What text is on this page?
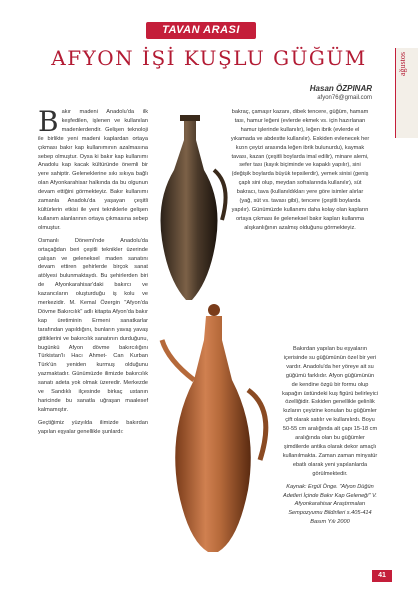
TAVAN ARASI
ağustos
AFYON İŞİ KUŞLU GÜĞÜM
Hasan ÖZPINAR
afyon76@gmail.com

Bakır madeni Anadolu'da ilk keşfedilen, işlenen ve kullanılan madenlerdendir. Gelişen teknoloji ile birlikte yeni madeni kaplardan ortaya çıkması bakır kap kullanımının azalmasına sebep olmuştur. Oysa ki bakır kap kullanımı Anadolu kap kacak kültüründe önemli bir yere sahiptir. Geleneklerine sıkı sıkıya bağlı olan Afyonkarahisar halkında da bu olgunun devam ettiğini görmekteyiz. Bakır kullanımı zamanla Anadolu'da yaşayan çeşitli kültürlerin etkisi ile yeni tekniklerle gelişen kullanım alanlarının ortaya çıkmasına sebep olmuştur.

Osmanlı Dönemi'nde Anadolu'da ortaçağdan beri çeşitli teknikler üzerinde çalışan ve geleneksel maden sanatını devam ettiren şehirlerde birçok sanat atölyesi bulunmaktaydı. Bu şehirlerden biri de Afyonkarahisar'daki bakırcı ve kazancıların oluşturduğu iş kolu ve merkezidir. M. Kemal Özergin "Afyon'da Dövme Bakırcılık" adlı kitapta Afyon'da bakır kap üretiminin Ermeni sanatkarlar tarafından yapıldığını, bunların yavaş yavaş gittiklerini ve bakırcılık sanatının durduğunu, bugünkü Afyon dövme bakırcılığını Türkistan'lı Hacı Ahmet- Can Kurban Türk'ün yeniden kurmuş olduğunu yazmaktadır. Günümüzde ilimizde bakırcılık sanatı adeta yok olmak üzeredir. Merkezde ve Sandıklı ilçesinde birkaç ustanın haricinde bu sanatla uğraşan maalesef kalmamıştır.

Geçtiğimiz yüzyılda ilimizde bakırdan yapılan eşyalar genellikle şunlardı:

bakraç, çamaşır kazanı, dibek tencere, güğüm, hamam tası, hamur leğeni (evlerde ekmek vs. için hazırlanan hamur işlerinde kullanılır), leğen ibrik (evlerde el yıkamada ve abdestte kullanılır). Eskiden evlenecek her kızın çeyizi arasında leğen ibrik bulunurdu), kaymak tavası, kazan (çeşitli boylarda imal edilir), minare alemi, sefer tası (kayık biçiminde ve kapaklı yapılır), sini (değişik boylarda büyük tepsilerdir), yemek sinisi (geniş çaplı sini olup, meydan sofralarında kullanılır), süt bakracı, tava (kullanıldıkları yere göre isimler alırlar (yağ, süt vs. tavası gibi), tencere (çeşitli boylarda yapılır). Günümüzde kullanımı daha kolay olan kapların ortaya çıkması ile geleneksel bakır kapları kullanma alışkanlığının azalmış olduğunu görmekteyiz.

Bakırdan yapılan bu eşyaların içerisinde su güğümünün özel bir yeri vardır. Anadolu'da her yöreye ait su güğümü farklıdır. Afyon güğümünün de kendine özgü bir formu olup kapağın üstündeki kuş figürü belirleyici özelliğidir. Eskiden genellikle gelinlik kızların çeyizine konulan bu güğümler çift olarak satılır ve kullanılırdı. Boyu 50-55 cm aralığında alt çapı 15-18 cm aralığında olan bu güğümler şimdilerde antika olarak dekor amaçlı kullanılmakta. Zaman zaman minyatür ebatlı olarak yeni yapılanlarda görülmektedir.

Kaynak: Ergül Önge. "Afyon Düğün Adetleri İçinde Bakır Kap Geleneği" V. Afyonkarahisar Araştırmaları Sempozyumu Bildirileri s.405-414 Basım Yılı 2000

41
